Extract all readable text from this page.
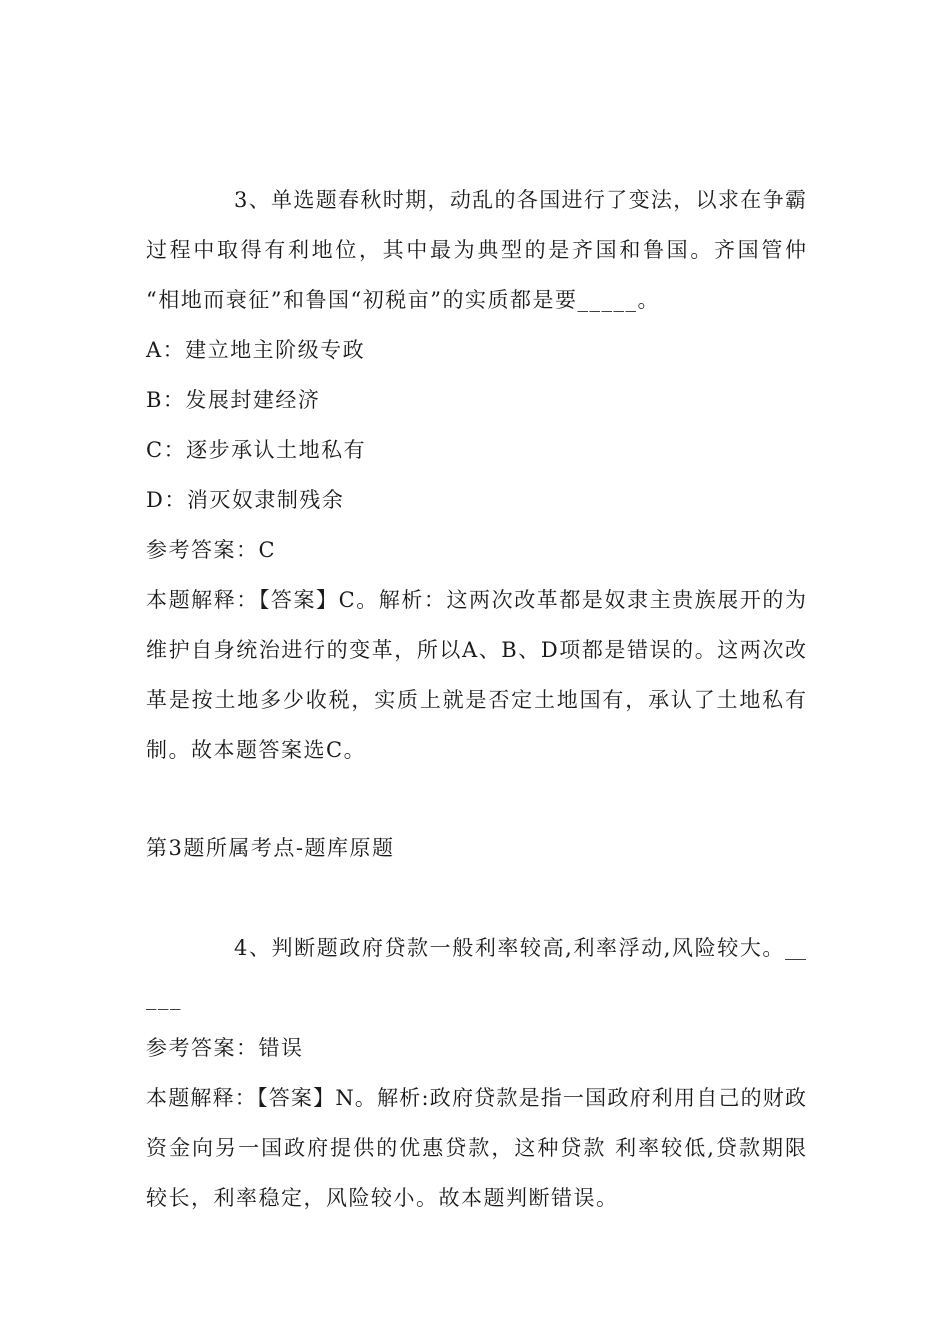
3、单选题春秋时期，动乱的各国进行了变法，以求在争霸
过程中取得有利地位，其中最为典型的是齐国和鲁国。齐国管仲
“相地而衰征”和鲁国“初税亩”的实质都是要_____。
A：建立地主阶级专政
B：发展封建经济
C：逐步承认土地私有
D：消灭奴隶制残余
参考答案：C
本题解释：【答案】C。解析：这两次改革都是奴隶主贵族展开的为
维护自身统治进行的变革，所以A、B、D项都是错误的。这两次改
革是按土地多少收税，实质上就是否定土地国有，承认了土地私有
制。故本题答案选C。
第3题所属考点-题库原题
4、判断题政府贷款一般利率较高,利率浮动,风险较大。__
___
参考答案：错误
本题解释：【答案】N。解析:政府贷款是指一国政府利用自己的财政
资金向另一国政府提供的优惠贷款，这种贷款 利率较低,贷款期限
较长，利率稳定，风险较小。故本题判断错误。
